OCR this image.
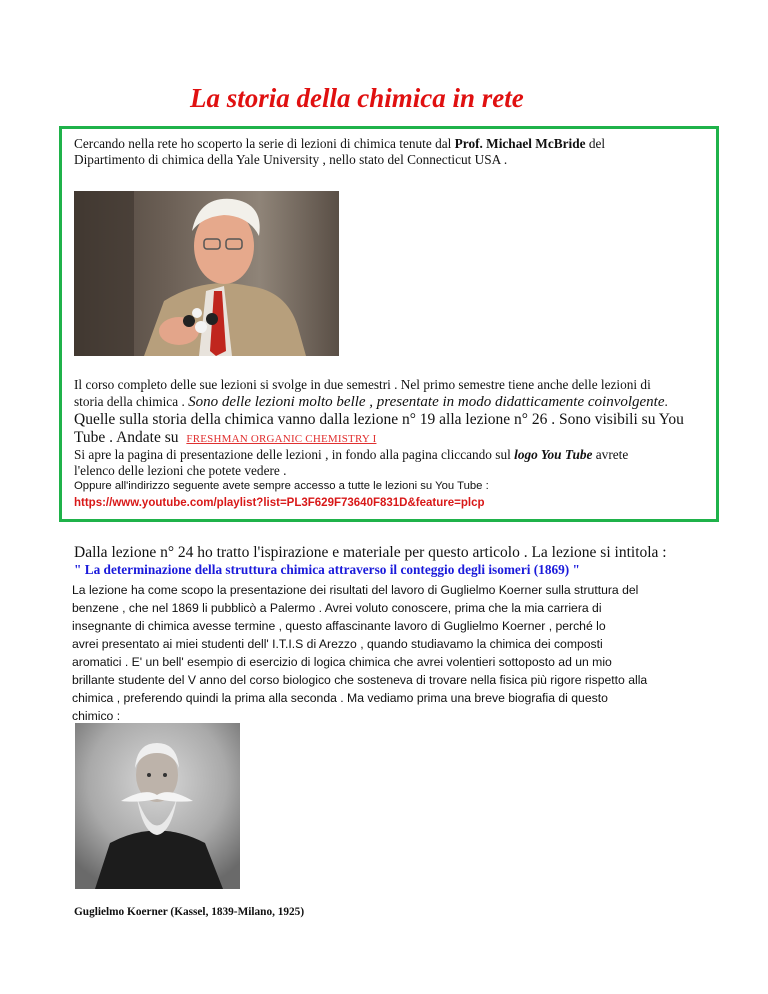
La storia della chimica in rete
Cercando nella rete ho scoperto la serie di lezioni di chimica tenute dal Prof. Michael McBride del
Dipartimento di chimica della Yale University , nello stato del Connecticut USA .
Il corso completo delle sue lezioni si svolge in due semestri . Nel primo semestre tiene anche delle lezioni di
storia della chimica . Sono delle lezioni molto belle , presentate in modo didatticamente coinvolgente.
Quelle sulla storia della chimica vanno dalla lezione n° 19 alla lezione n° 26 . Sono visibili su You
Tube . Andate su FRESHMAN ORGANIC CHEMISTRY I
Si apre la pagina di presentazione delle lezioni , in fondo alla pagina cliccando sul logo You Tube avrete
l'elenco delle lezioni che potete vedere .
Oppure all'indirizzo seguente avete sempre accesso a tutte le lezioni su You Tube :
https://www.youtube.com/playlist?list=PL3F629F73640F831D&feature=plcp
Dalla lezione n° 24 ho tratto l'ispirazione e materiale per questo articolo . La lezione si intitola :
" La determinazione della struttura chimica attraverso il conteggio degli isomeri (1869) "
La lezione ha come scopo la presentazione dei risultati del lavoro di Guglielmo Koerner sulla struttura del
benzene , che nel 1869 li pubblicò a Palermo . Avrei voluto conoscere, prima che la mia carriera di
insegnante di chimica avesse termine , questo affascinante lavoro di Guglielmo Koerner , perché lo
avrei presentato ai miei studenti dell' I.T.I.S di Arezzo , quando studiavamo la chimica dei composti
aromatici . E' un bell' esempio di esercizio di logica chimica che avrei volentieri sottoposto ad un mio
brillante studente del V anno del corso biologico che sosteneva di trovare nella fisica più rigore rispetto alla
chimica , preferendo quindi la prima alla seconda . Ma vediamo prima una breve biografia di questo
chimico :
Guglielmo Koerner (Kassel, 1839-Milano, 1925)
